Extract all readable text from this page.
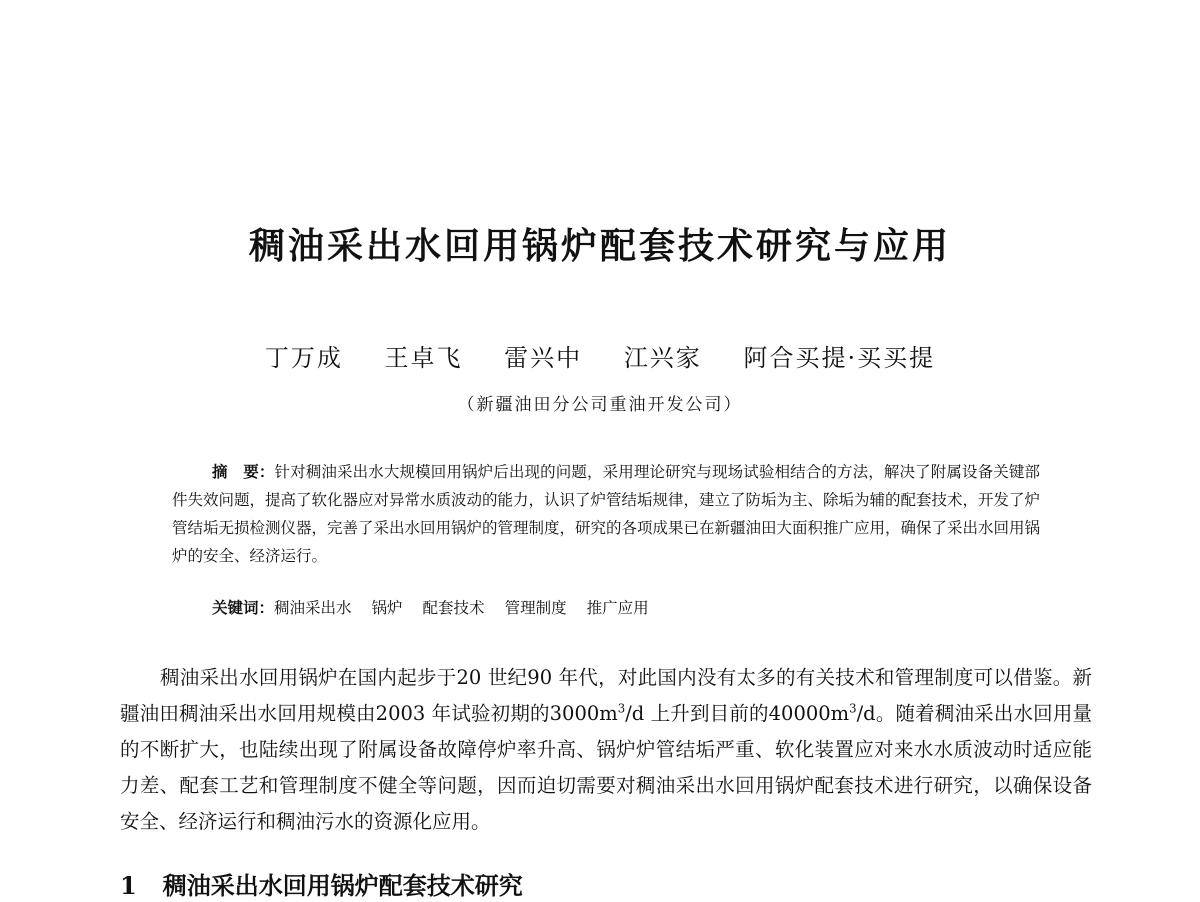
稠油采出水回用锅炉配套技术研究与应用
丁万成 王卓飞 雷兴中 江兴家 阿合买提·买买提
（新疆油田分公司重油开发公司）

摘　要：针对稠油采出水大规模回用锅炉后出现的问题，采用理论研究与现场试验相结合的方法，解决了附属设备关键部件失效问题，提高了软化器应对异常水质波动的能力，认识了炉管结垢规律，建立了防垢为主、除垢为辅的配套技术，开发了炉管结垢无损检测仪器，完善了采出水回用锅炉的管理制度，研究的各项成果已在新疆油田大面积推广应用，确保了采出水回用锅炉的安全、经济运行。

关键词：稠油采出水 锅炉 配套技术 管理制度 推广应用

稠油采出水回用锅炉在国内起步于20 世纪90 年代，对此国内没有太多的有关技术和管理制度可以借鉴。新疆油田稠油采出水回用规模由2003 年试验初期的$3000m^3/d$ 上升到目前的$40000m^3/d$。随着稠油采出水回用量的不断扩大，也陆续出现了附属设备故障停炉率升高、锅炉炉管结垢严重、软化装置应对来水水质波动时适应能力差、配套工艺和管理制度不健全等问题，因而迫切需要对稠油采出水回用锅炉配套技术进行研究，以确保设备安全、经济运行和稠油污水的资源化应用。

1 稠油采出水回用锅炉配套技术研究
